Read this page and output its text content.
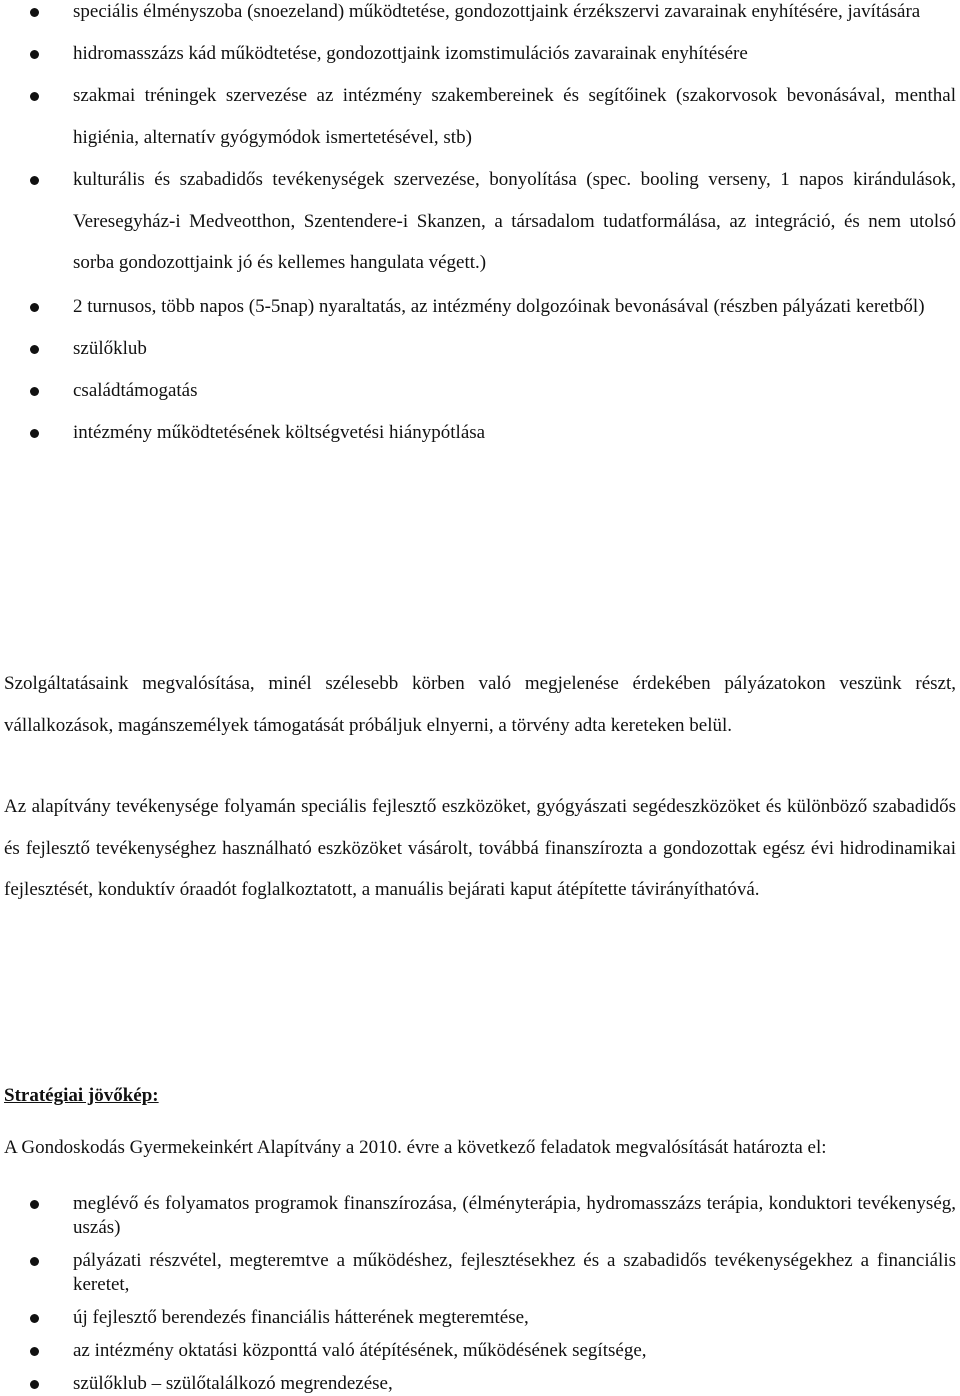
speciális élményszoba (snoezeland) működtetése, gondozottjaink érzékszervi zavarainak enyhítésére, javítására
hidromasszázs kád működtetése, gondozottjaink izomstimulációs zavarainak enyhítésére
szakmai tréningek szervezése az intézmény szakembereinek és segítőinek (szakorvosok bevonásával, menthal higiénia, alternatív gyógymódok ismertetésével, stb)
kulturális és szabadidős tevékenységek szervezése, bonyolítása (spec. booling verseny, 1 napos kirándulások, Veresegyház-i Medveotthon, Szentendere-i Skanzen, a társadalom tudatformálása, az integráció, és nem utolsó sorba gondozottjaink jó és kellemes hangulata végett.)
2 turnusos, több napos (5-5nap) nyaraltatás, az intézmény dolgozóinak bevonásával (részben pályázati keretből)
szülőklub
családtámogatás
intézmény működtetésének költségvetési hiánypótlása

Szolgáltatásaink megvalósítása, minél szélesebb körben való megjelenése érdekében pályázatokon veszünk részt, vállalkozások, magánszemélyek támogatását próbáljuk elnyerni, a törvény adta kereteken belül.

Az alapítvány tevékenysége folyamán speciális fejlesztő eszközöket, gyógyászati segédeszközöket és különböző szabadidős és fejlesztő tevékenységhez használható eszközöket vásárolt, továbbá finanszírozta a gondozottak egész évi hidrodinamikai fejlesztését, konduktív óraadót foglalkoztatott, a manuális bejárati kaput átépítette távirányíthatóvá.

Stratégiai jövőkép:

A Gondoskodás Gyermekeinkért Alapítvány a 2010. évre a következő feladatok megvalósítását határozta el:

meglévő és folyamatos programok finanszírozása, (élményterápia, hydromasszázs terápia, konduktori tevékenység, uszás)
pályázati részvétel, megteremtve a működéshez, fejlesztésekhez és a szabadidős tevékenységekhez a financiális keretet,
új fejlesztő berendezés financiális hátterének megteremtése,
az intézmény oktatási központtá való átépítésének, működésének segítsége,
szülőklub – szülőtalálkozó megrendezése,
